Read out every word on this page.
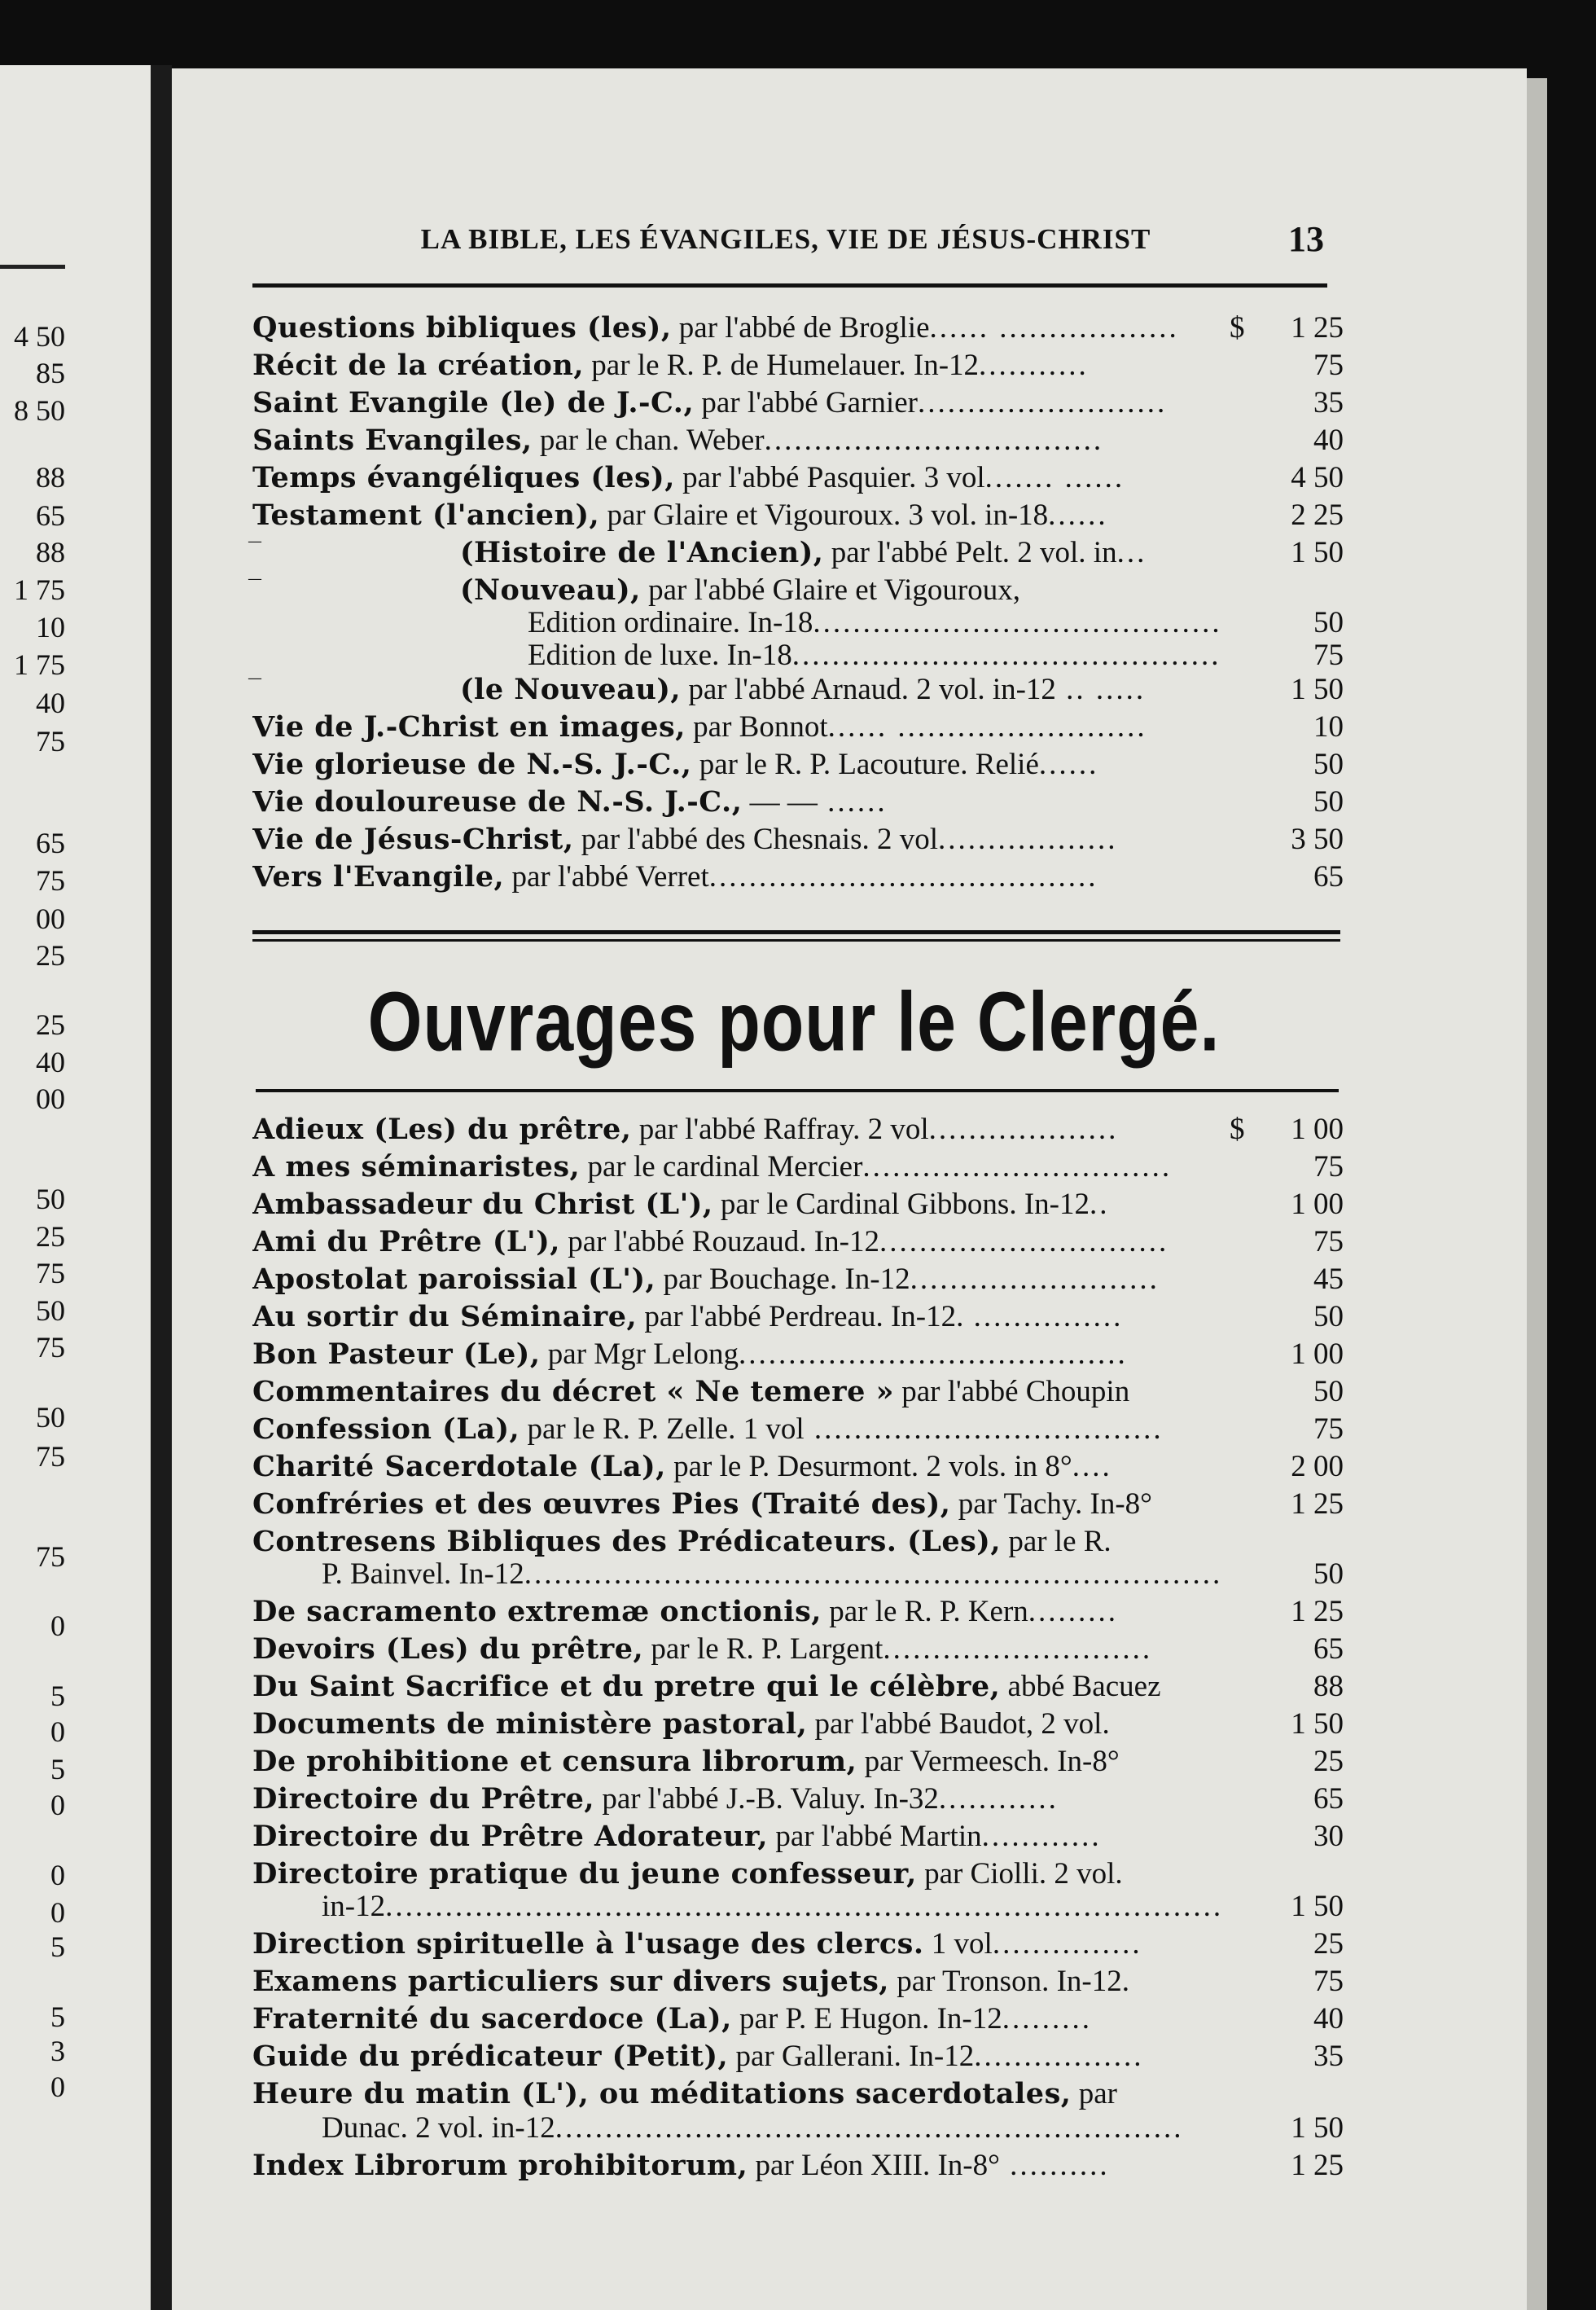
4 50
85
8 50
88
65
88
1 75
10
1 75
40
75
65
75
00
25
25
40
00
50
25
75
50
75
50
75
75
0
5
0
5
0
0
0
5
5
3
0
LA BIBLE, LES ÉVANGILES, VIE DE JÉSUS-CHRIST	13
Questions bibliques (les), par l'abbé de Broglie...... ..................	$ 1 25
Récit de la création, par le R. P. de Humelauer. In-12...........	75
Saint Evangile (le) de J.-C., par l'abbé Garnier.........................	35
Saints Evangiles, par le chan. Weber..................................	40
Temps évangéliques (les), par l'abbé Pasquier. 3 vol....... ......	4 50
Testament (l'ancien), par Glaire et Vigouroux. 3 vol. in-18......	2 25
—	(Histoire de l'Ancien), par l'abbé Pelt. 2 vol. in...	1 50
—	(Nouveau), par l'abbé Glaire et Vigouroux,
Edition ordinaire. In-18.........................................	50
Edition de luxe. In-18...........................................	75
—	(le Nouveau), par l'abbé Arnaud. 2 vol. in-12 .. .....	1 50
Vie de J.-Christ en images, par Bonnot...... .........................	10
Vie glorieuse de N.-S. J.-C., par le R. P. Lacouture. Relié......	50
Vie douloureuse de N.-S. J.-C., — — ......	50
Vie de Jésus-Christ, par l'abbé des Chesnais. 2 vol..................	3 50
Vers l'Evangile, par l'abbé Verret.......................................	65
Ouvrages pour le Clergé.
Adieux (Les) du prêtre, par l'abbé Raffray. 2 vol...................	$ 1 00
A mes séminaristes, par le cardinal Mercier...............................	75
Ambassadeur du Christ (L'), par le Cardinal Gibbons. In-12..	1 00
Ami du Prêtre (L'), par l'abbé Rouzaud. In-12.............................	75
Apostolat paroissial (L'), par Bouchage. In-12.........................	45
Au sortir du Séminaire, par l'abbé Perdreau. In-12. ...............	50
Bon Pasteur (Le), par Mgr Lelong.......................................	1 00
Commentaires du décret « Ne temere » par l'abbé Choupin	50
Confession (La), par le R. P. Zelle. 1 vol ...................................	75
Charité Sacerdotale (La), par le P. Desurmont. 2 vols. in 8°....	2 00
Confréries et des œuvres Pies (Traité des), par Tachy. In-8°	1 25
Contresens Bibliques des Prédicateurs. (Les), par le R.
P. Bainvel. In-12......................................................................	50
De sacramento extremæ onctionis, par le R. P. Kern.........	1 25
Devoirs (Les) du prêtre, par le R. P. Largent...........................	65
Du Saint Sacrifice et du pretre qui le célèbre, abbé Bacuez	88
Documents de ministère pastoral, par l'abbé Baudot, 2 vol.	1 50
De prohibitione et censura librorum, par Vermeesch. In-8°	25
Directoire du Prêtre, par l'abbé J.-B. Valuy. In-32............	65
Directoire du Prêtre Adorateur, par l'abbé Martin............	30
Directoire pratique du jeune confesseur, par Ciolli. 2 vol.
in-12....................................................................................	1 50
Direction spirituelle à l'usage des clercs. 1 vol...............	25
Examens particuliers sur divers sujets, par Tronson. In-12.	75
Fraternité du sacerdoce (La), par P. E Hugon. In-12.........	40
Guide du prédicateur (Petit), par Gallerani. In-12.................	35
Heure du matin (L'), ou méditations sacerdotales, par
Dunac. 2 vol. in-12...............................................................	1 50
Index Librorum prohibitorum, par Léon XIII. In-8° ..........	1 25
